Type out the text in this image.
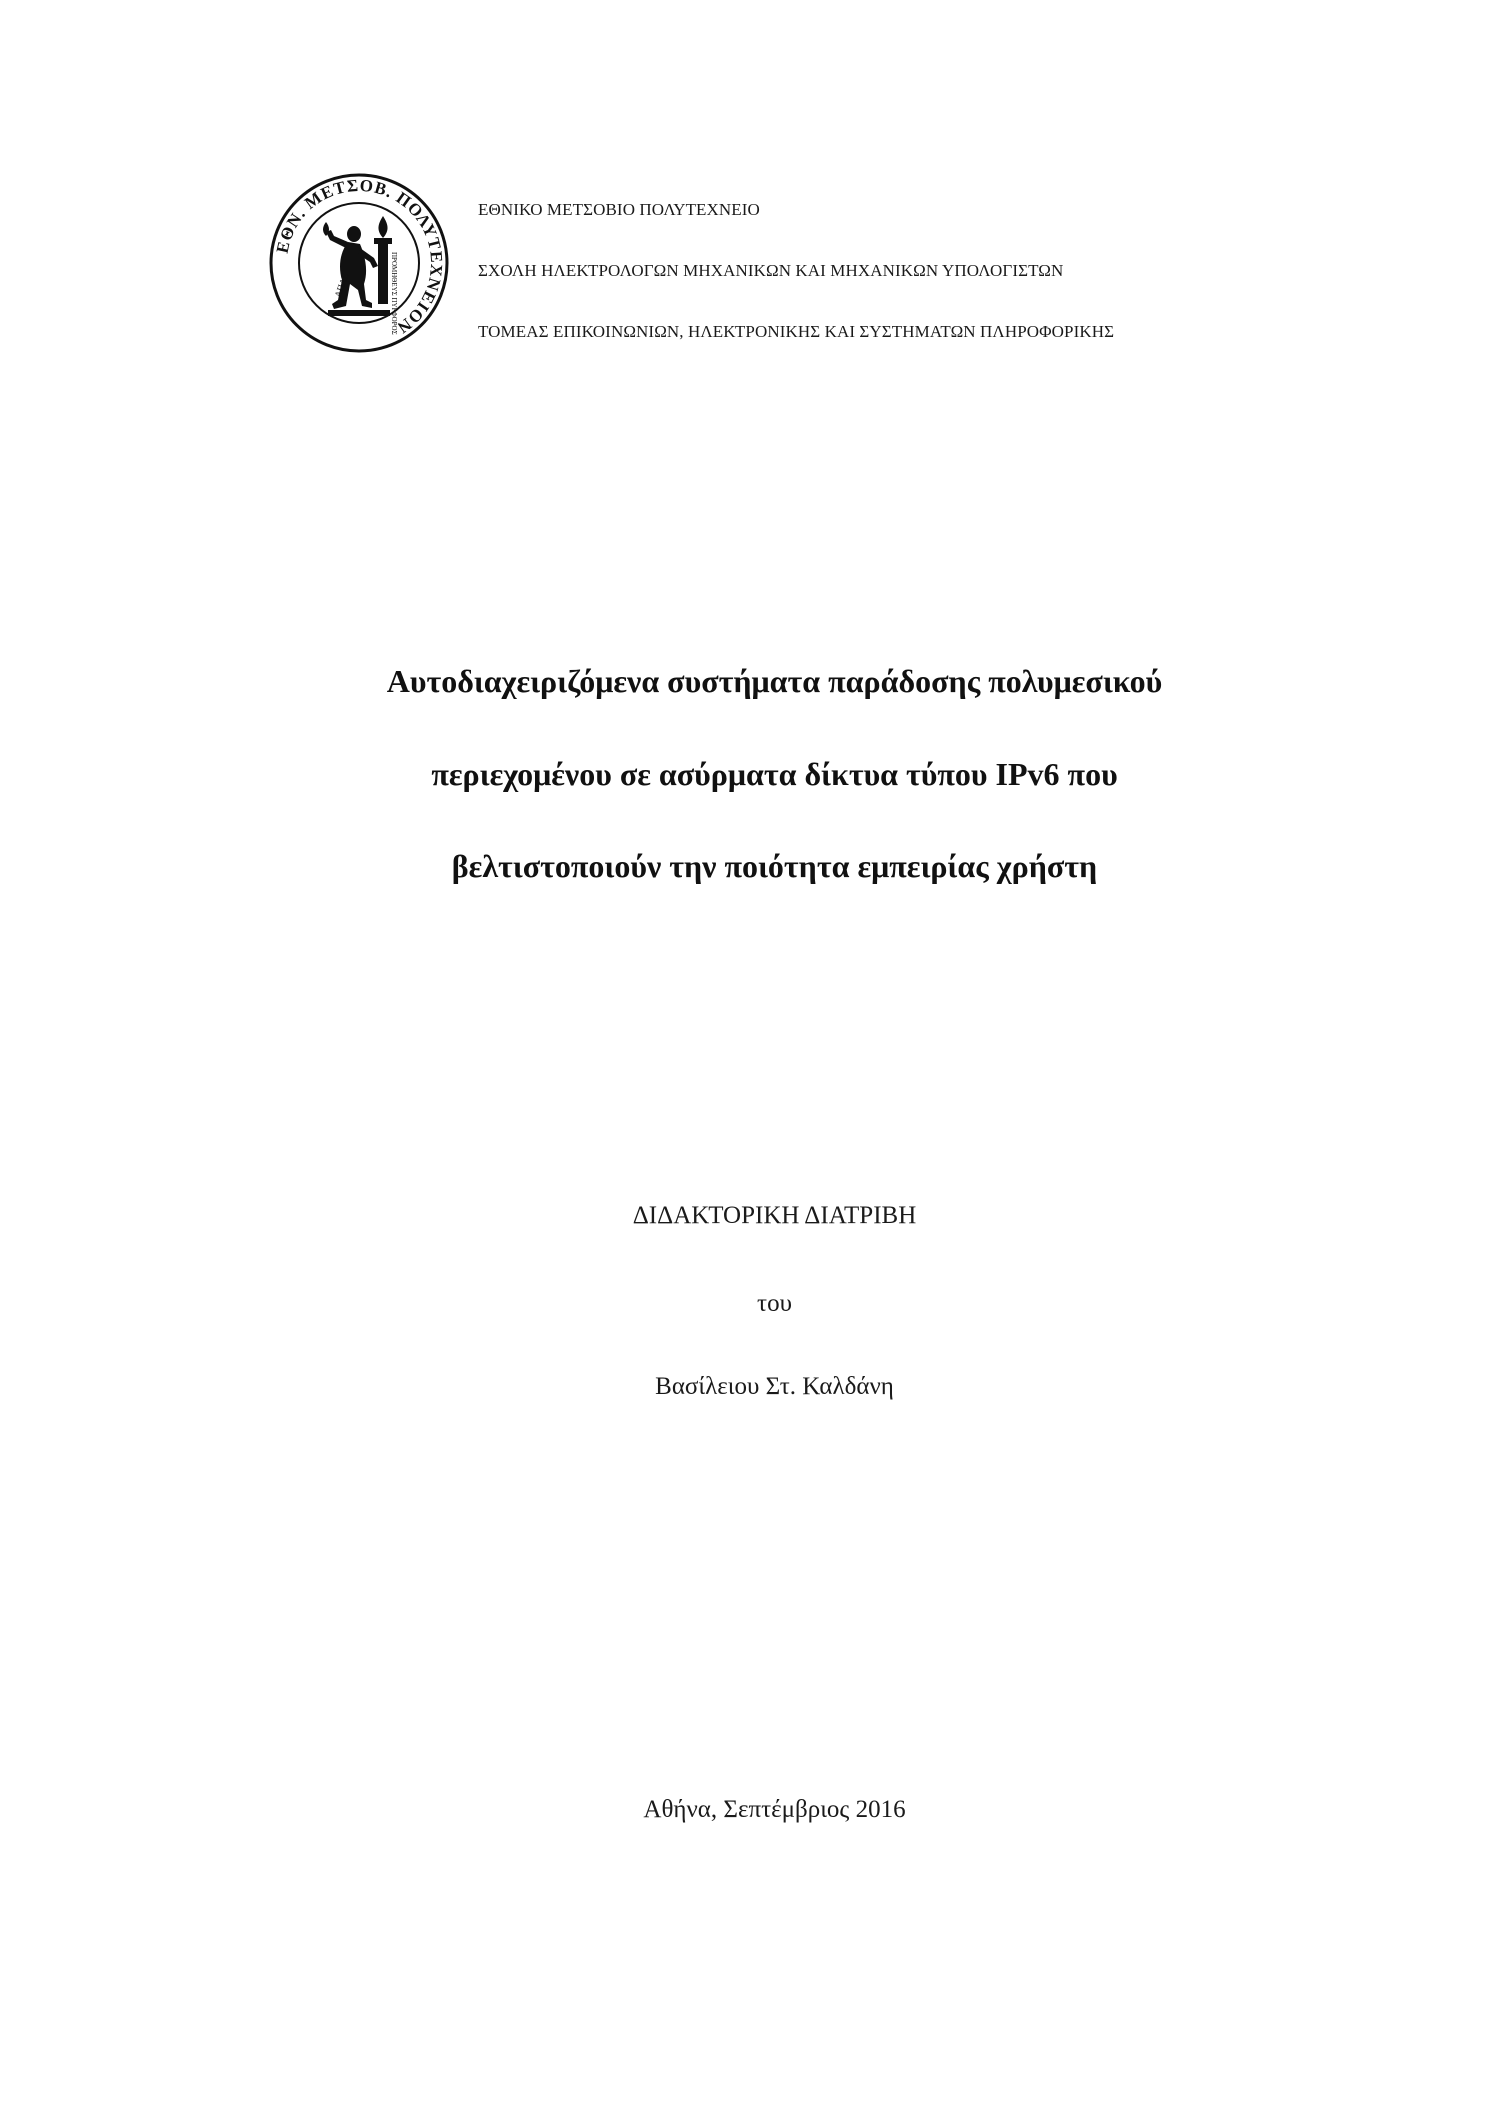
ΕΘΝ. ΜΕΤΣΟΒ. ΠΟΛΥΤΕΧΝΕΙΟΝ
ΑΠΛΕ	ΠΡΟΜΗΘΕΥΣ ΠΥΡΦΟΡΟΣ
ΕΘΝΙΚΟ ΜΕΤΣΟΒΙΟ ΠΟΛΥΤΕΧΝΕΙΟ
ΣΧΟΛΗ ΗΛΕΚΤΡΟΛΟΓΩΝ ΜΗΧΑΝΙΚΩΝ ΚΑΙ ΜΗΧΑΝΙΚΩΝ ΥΠΟΛΟΓΙΣΤΩΝ
ΤΟΜΕΑΣ ΕΠΙΚΟΙΝΩΝΙΩΝ, ΗΛΕΚΤΡΟΝΙΚΗΣ ΚΑΙ ΣΥΣΤΗΜΑΤΩΝ ΠΛΗΡΟΦΟΡΙΚΗΣ
Αυτοδιαχειριζόμενα συστήματα παράδοσης πολυμεσικού
περιεχομένου σε ασύρματα δίκτυα τύπου IPv6 που
βελτιστοποιούν την ποιότητα εμπειρίας χρήστη
ΔΙΔΑΚΤΟΡΙΚΗ ΔΙΑΤΡΙΒΗ
του
Βασίλειου Στ. Καλδάνη
Αθήνα, Σεπτέμβριος 2016
